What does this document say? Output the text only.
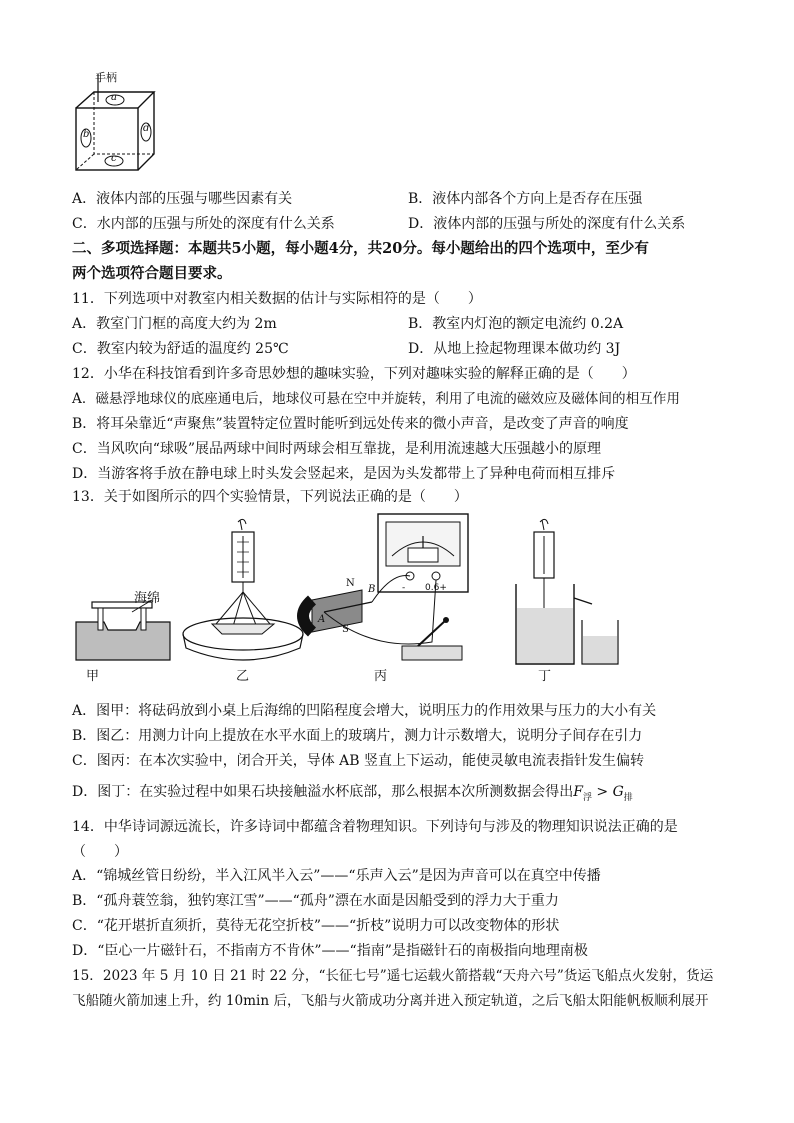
手柄
a
b
d
c
A．液体内部的压强与哪些因素有关	B．液体内部各个方向上是否存在压强
C．水内部的压强与所处的深度有什么关系	D．液体内部的压强与所处的深度有什么关系
二、多项选择题：本题共5小题，每小题4分，共20分。每小题给出的四个选项中，至少有
两个选项符合题目要求。
11．下列选项中对教室内相关数据的估计与实际相符的是（　　）
A．教室门门框的高度大约为 2m	B．教室内灯泡的额定电流约 0.2A
C．教室内较为舒适的温度约 25℃	D．从地上捡起物理课本做功约 3J
12．小华在科技馆看到许多奇思妙想的趣味实验，下列对趣味实验的解释正确的是（　　）
A．磁悬浮地球仪的底座通电后，地球仪可悬在空中并旋转，利用了电流的磁效应及磁体间的相互作用
B．将耳朵靠近“声聚焦”装置特定位置时能听到远处传来的微小声音，是改变了声音的响度
C．当风吹向“球吸”展品两球中间时两球会相互靠拢，是利用流速越大压强越小的原理
D．当游客将手放在静电球上时头发会竖起来，是因为头发都带上了异种电荷而相互排斥
13．关于如图所示的四个实验情景，下列说法正确的是（　　）
- 0.6+
海绵
甲	乙	丙	丁
N
S
A
B
A．图甲：将砝码放到小桌上后海绵的凹陷程度会增大，说明压力的作用效果与压力的大小有关
B．图乙：用测力计向上提放在水平水面上的玻璃片，测力计示数增大，说明分子间存在引力
C．图丙：在本次实验中，闭合开关，导体 AB 竖直上下运动，能使灵敏电流表指针发生偏转
D．图丁：在实验过程中如果石块接触溢水杯底部，那么根据本次所测数据会得出$F_浮 > G_排$
14．中华诗词源远流长，许多诗词中都蕴含着物理知识。下列诗句与涉及的物理知识说法正确的是
（　　）
A．“锦城丝管日纷纷，半入江风半入云”——“乐声入云”是因为声音可以在真空中传播
B．“孤舟蓑笠翁，独钓寒江雪”——“孤舟”漂在水面是因船受到的浮力大于重力
C．“花开堪折直须折，莫待无花空折枝”——“折枝”说明力可以改变物体的形状
D．“臣心一片磁针石，不指南方不肯休”——“指南”是指磁针石的南极指向地理南极
15．2023 年 5 月 10 日 21 时 22 分，“长征七号”遥七运载火箭搭载“天舟六号”货运飞船点火发射，货运
飞船随火箭加速上升，约 10min 后，飞船与火箭成功分离并进入预定轨道，之后飞船太阳能帆板顺利展开
